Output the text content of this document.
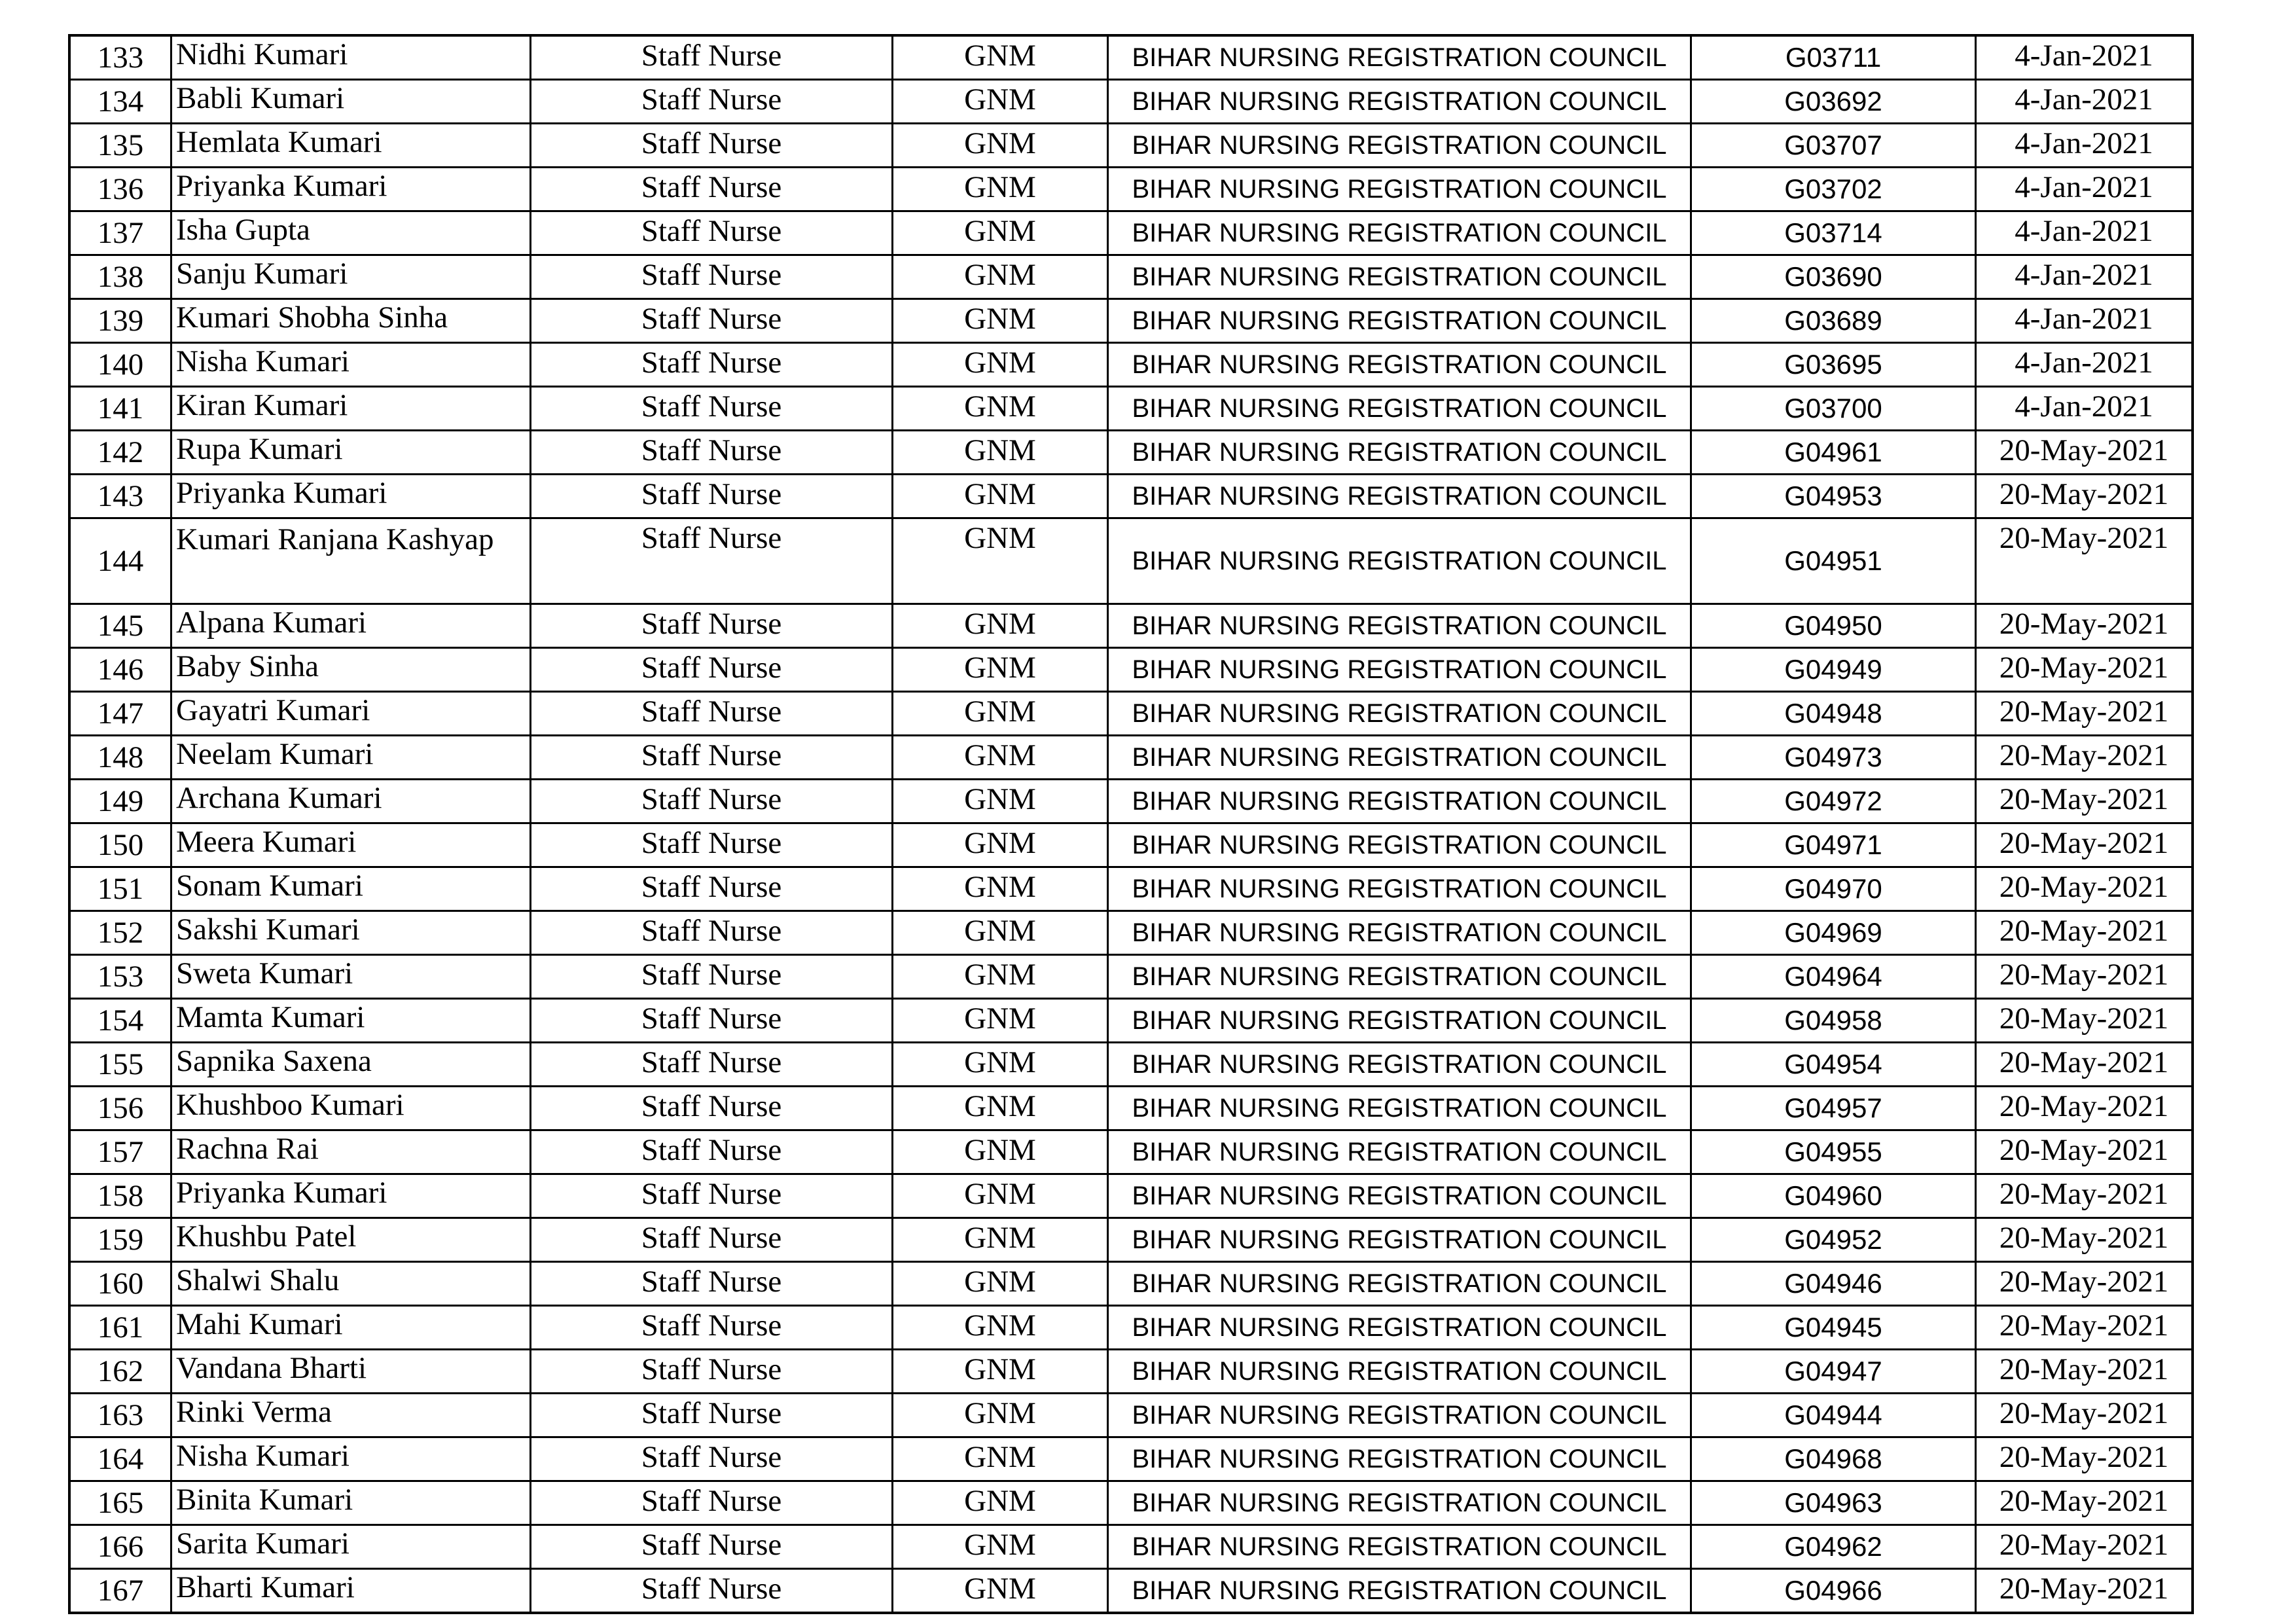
133	Nidhi Kumari	Staff Nurse	GNM	BIHAR NURSING REGISTRATION COUNCIL	G03711	4-Jan-2021
134	Babli Kumari	Staff Nurse	GNM	BIHAR NURSING REGISTRATION COUNCIL	G03692	4-Jan-2021
135	Hemlata Kumari	Staff Nurse	GNM	BIHAR NURSING REGISTRATION COUNCIL	G03707	4-Jan-2021
136	Priyanka Kumari	Staff Nurse	GNM	BIHAR NURSING REGISTRATION COUNCIL	G03702	4-Jan-2021
137	Isha Gupta	Staff Nurse	GNM	BIHAR NURSING REGISTRATION COUNCIL	G03714	4-Jan-2021
138	Sanju Kumari	Staff Nurse	GNM	BIHAR NURSING REGISTRATION COUNCIL	G03690	4-Jan-2021
139	Kumari Shobha Sinha	Staff Nurse	GNM	BIHAR NURSING REGISTRATION COUNCIL	G03689	4-Jan-2021
140	Nisha Kumari	Staff Nurse	GNM	BIHAR NURSING REGISTRATION COUNCIL	G03695	4-Jan-2021
141	Kiran Kumari	Staff Nurse	GNM	BIHAR NURSING REGISTRATION COUNCIL	G03700	4-Jan-2021
142	Rupa Kumari	Staff Nurse	GNM	BIHAR NURSING REGISTRATION COUNCIL	G04961	20-May-2021
143	Priyanka Kumari	Staff Nurse	GNM	BIHAR NURSING REGISTRATION COUNCIL	G04953	20-May-2021
144	Kumari Ranjana Kashyap	Staff Nurse	GNM	BIHAR NURSING REGISTRATION COUNCIL	G04951	20-May-2021
145	Alpana Kumari	Staff Nurse	GNM	BIHAR NURSING REGISTRATION COUNCIL	G04950	20-May-2021
146	Baby Sinha	Staff Nurse	GNM	BIHAR NURSING REGISTRATION COUNCIL	G04949	20-May-2021
147	Gayatri Kumari	Staff Nurse	GNM	BIHAR NURSING REGISTRATION COUNCIL	G04948	20-May-2021
148	Neelam Kumari	Staff Nurse	GNM	BIHAR NURSING REGISTRATION COUNCIL	G04973	20-May-2021
149	Archana Kumari	Staff Nurse	GNM	BIHAR NURSING REGISTRATION COUNCIL	G04972	20-May-2021
150	Meera Kumari	Staff Nurse	GNM	BIHAR NURSING REGISTRATION COUNCIL	G04971	20-May-2021
151	Sonam Kumari	Staff Nurse	GNM	BIHAR NURSING REGISTRATION COUNCIL	G04970	20-May-2021
152	Sakshi Kumari	Staff Nurse	GNM	BIHAR NURSING REGISTRATION COUNCIL	G04969	20-May-2021
153	Sweta Kumari	Staff Nurse	GNM	BIHAR NURSING REGISTRATION COUNCIL	G04964	20-May-2021
154	Mamta Kumari	Staff Nurse	GNM	BIHAR NURSING REGISTRATION COUNCIL	G04958	20-May-2021
155	Sapnika Saxena	Staff Nurse	GNM	BIHAR NURSING REGISTRATION COUNCIL	G04954	20-May-2021
156	Khushboo Kumari	Staff Nurse	GNM	BIHAR NURSING REGISTRATION COUNCIL	G04957	20-May-2021
157	Rachna Rai	Staff Nurse	GNM	BIHAR NURSING REGISTRATION COUNCIL	G04955	20-May-2021
158	Priyanka Kumari	Staff Nurse	GNM	BIHAR NURSING REGISTRATION COUNCIL	G04960	20-May-2021
159	Khushbu Patel	Staff Nurse	GNM	BIHAR NURSING REGISTRATION COUNCIL	G04952	20-May-2021
160	Shalwi Shalu	Staff Nurse	GNM	BIHAR NURSING REGISTRATION COUNCIL	G04946	20-May-2021
161	Mahi Kumari	Staff Nurse	GNM	BIHAR NURSING REGISTRATION COUNCIL	G04945	20-May-2021
162	Vandana Bharti	Staff Nurse	GNM	BIHAR NURSING REGISTRATION COUNCIL	G04947	20-May-2021
163	Rinki Verma	Staff Nurse	GNM	BIHAR NURSING REGISTRATION COUNCIL	G04944	20-May-2021
164	Nisha Kumari	Staff Nurse	GNM	BIHAR NURSING REGISTRATION COUNCIL	G04968	20-May-2021
165	Binita Kumari	Staff Nurse	GNM	BIHAR NURSING REGISTRATION COUNCIL	G04963	20-May-2021
166	Sarita Kumari	Staff Nurse	GNM	BIHAR NURSING REGISTRATION COUNCIL	G04962	20-May-2021
167	Bharti Kumari	Staff Nurse	GNM	BIHAR NURSING REGISTRATION COUNCIL	G04966	20-May-2021
